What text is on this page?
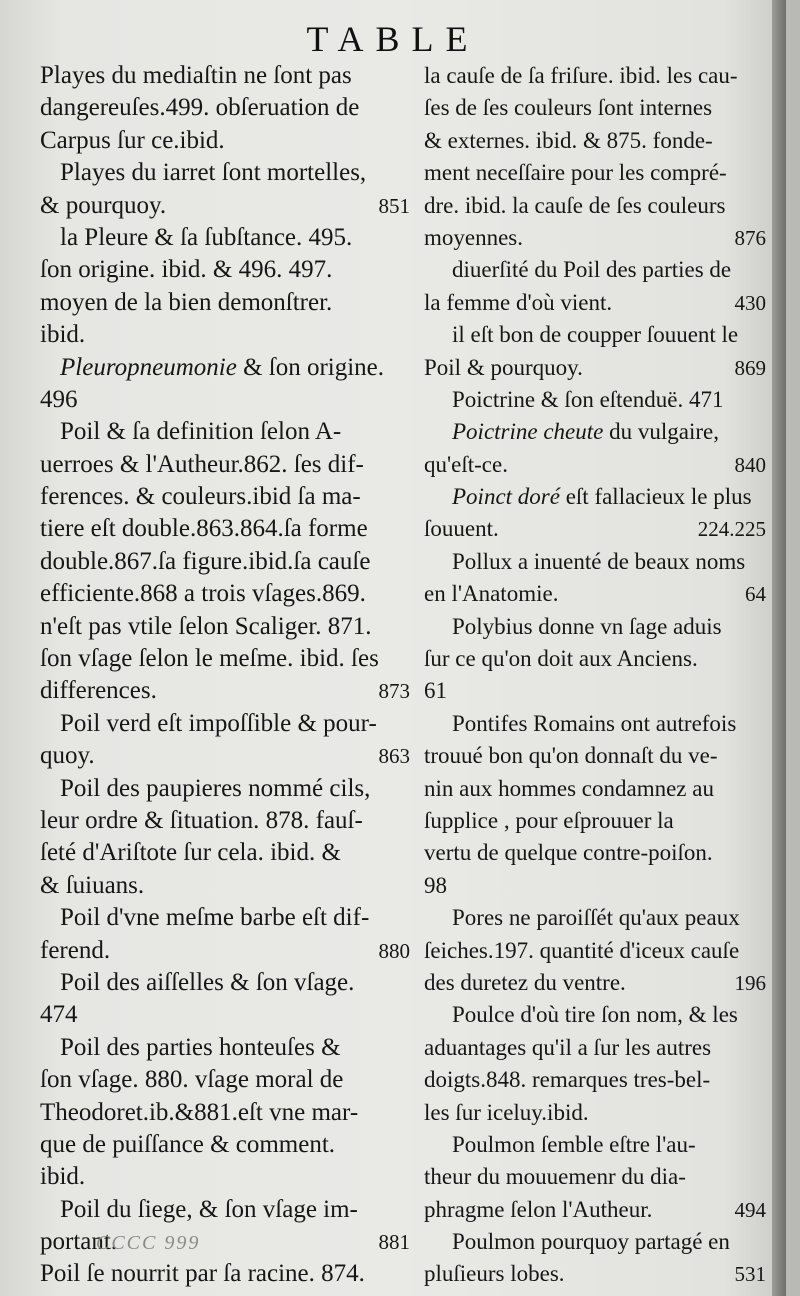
TABLE
Playes du mediaſtin ne ſont pas
dangereuſes.499. obſeruation de
Carpus ſur ce.ibid.
Playes du iarret ſont mortelles,
& pourquoy.	851
la Pleure & ſa ſubſtance. 495.
ſon origine. ibid. & 496. 497.
moyen de la bien demonſtrer.
ibid.
Pleuropneumonie & ſon origine.
496
Poil & ſa definition ſelon A-
uerroes & l'Autheur.862. ſes dif-
ferences. & couleurs.ibid ſa ma-
tiere eſt double.863.864.ſa forme
double.867.ſa figure.ibid.ſa cauſe
efficiente.868 a trois vſages.869.
n'eſt pas vtile ſelon Scaliger. 871.
ſon vſage ſelon le meſme. ibid. ſes
differences.	873
Poil verd eſt impoſſible & pour-
quoy.	863
Poil des paupieres nommé cils,
leur ordre & ſituation. 878. fauſ-
ſeté d'Ariſtote ſur cela. ibid. &
& ſuiuans.
Poil d'vne meſme barbe eſt dif-
ferend.	880
Poil des aiſſelles & ſon vſage.
474
Poil des parties honteuſes &
ſon vſage. 880. vſage moral de
Theodoret.ib.&881.eſt vne mar-
que de puiſſance & comment.
ibid.
Poil du ſiege, & ſon vſage im-
portant.	881
Poil ſe nourrit par ſa racine. 874.
la cauſe de ſa friſure. ibid. les cau-
ſes de ſes couleurs ſont internes
& externes. ibid. & 875. fonde-
ment neceſſaire pour les compré-
dre. ibid. la cauſe de ſes couleurs
moyennes.	876
diuerſité du Poil des parties de
la femme d'où vient.	430
il eſt bon de coupper ſouuent le
Poil & pourquoy.	869
Poictrine & ſon eſtenduë. 471
Poictrine cheute du vulgaire,
qu'eſt-ce.	840
Poinct doré eſt fallacieux le plus
ſouuent.	224.225
Pollux a inuenté de beaux noms
en l'Anatomie.	64
Polybius donne vn ſage aduis
ſur ce qu'on doit aux Anciens.
61
Pontifes Romains ont autrefois
trouué bon qu'on donnaſt du ve-
nin aux hommes condamnez au
ſupplice , pour eſprouuer la
vertu de quelque contre-poiſon.
98
Pores ne paroiſſét qu'aux peaux
ſeiches.197. quantité d'iceux cauſe
des duretez du ventre.	196
Poulce d'où tire ſon nom, & les
aduantages qu'il a ſur les autres
doigts.848. remarques tres-bel-
les ſur iceluy.ibid.
Poulmon ſemble eſtre l'au-
theur du mouuemenr du dia-
phragme ſelon l'Autheur.	494
Poulmon pourquoy partagé en
pluſieurs lobes.	531
CCCC 999
